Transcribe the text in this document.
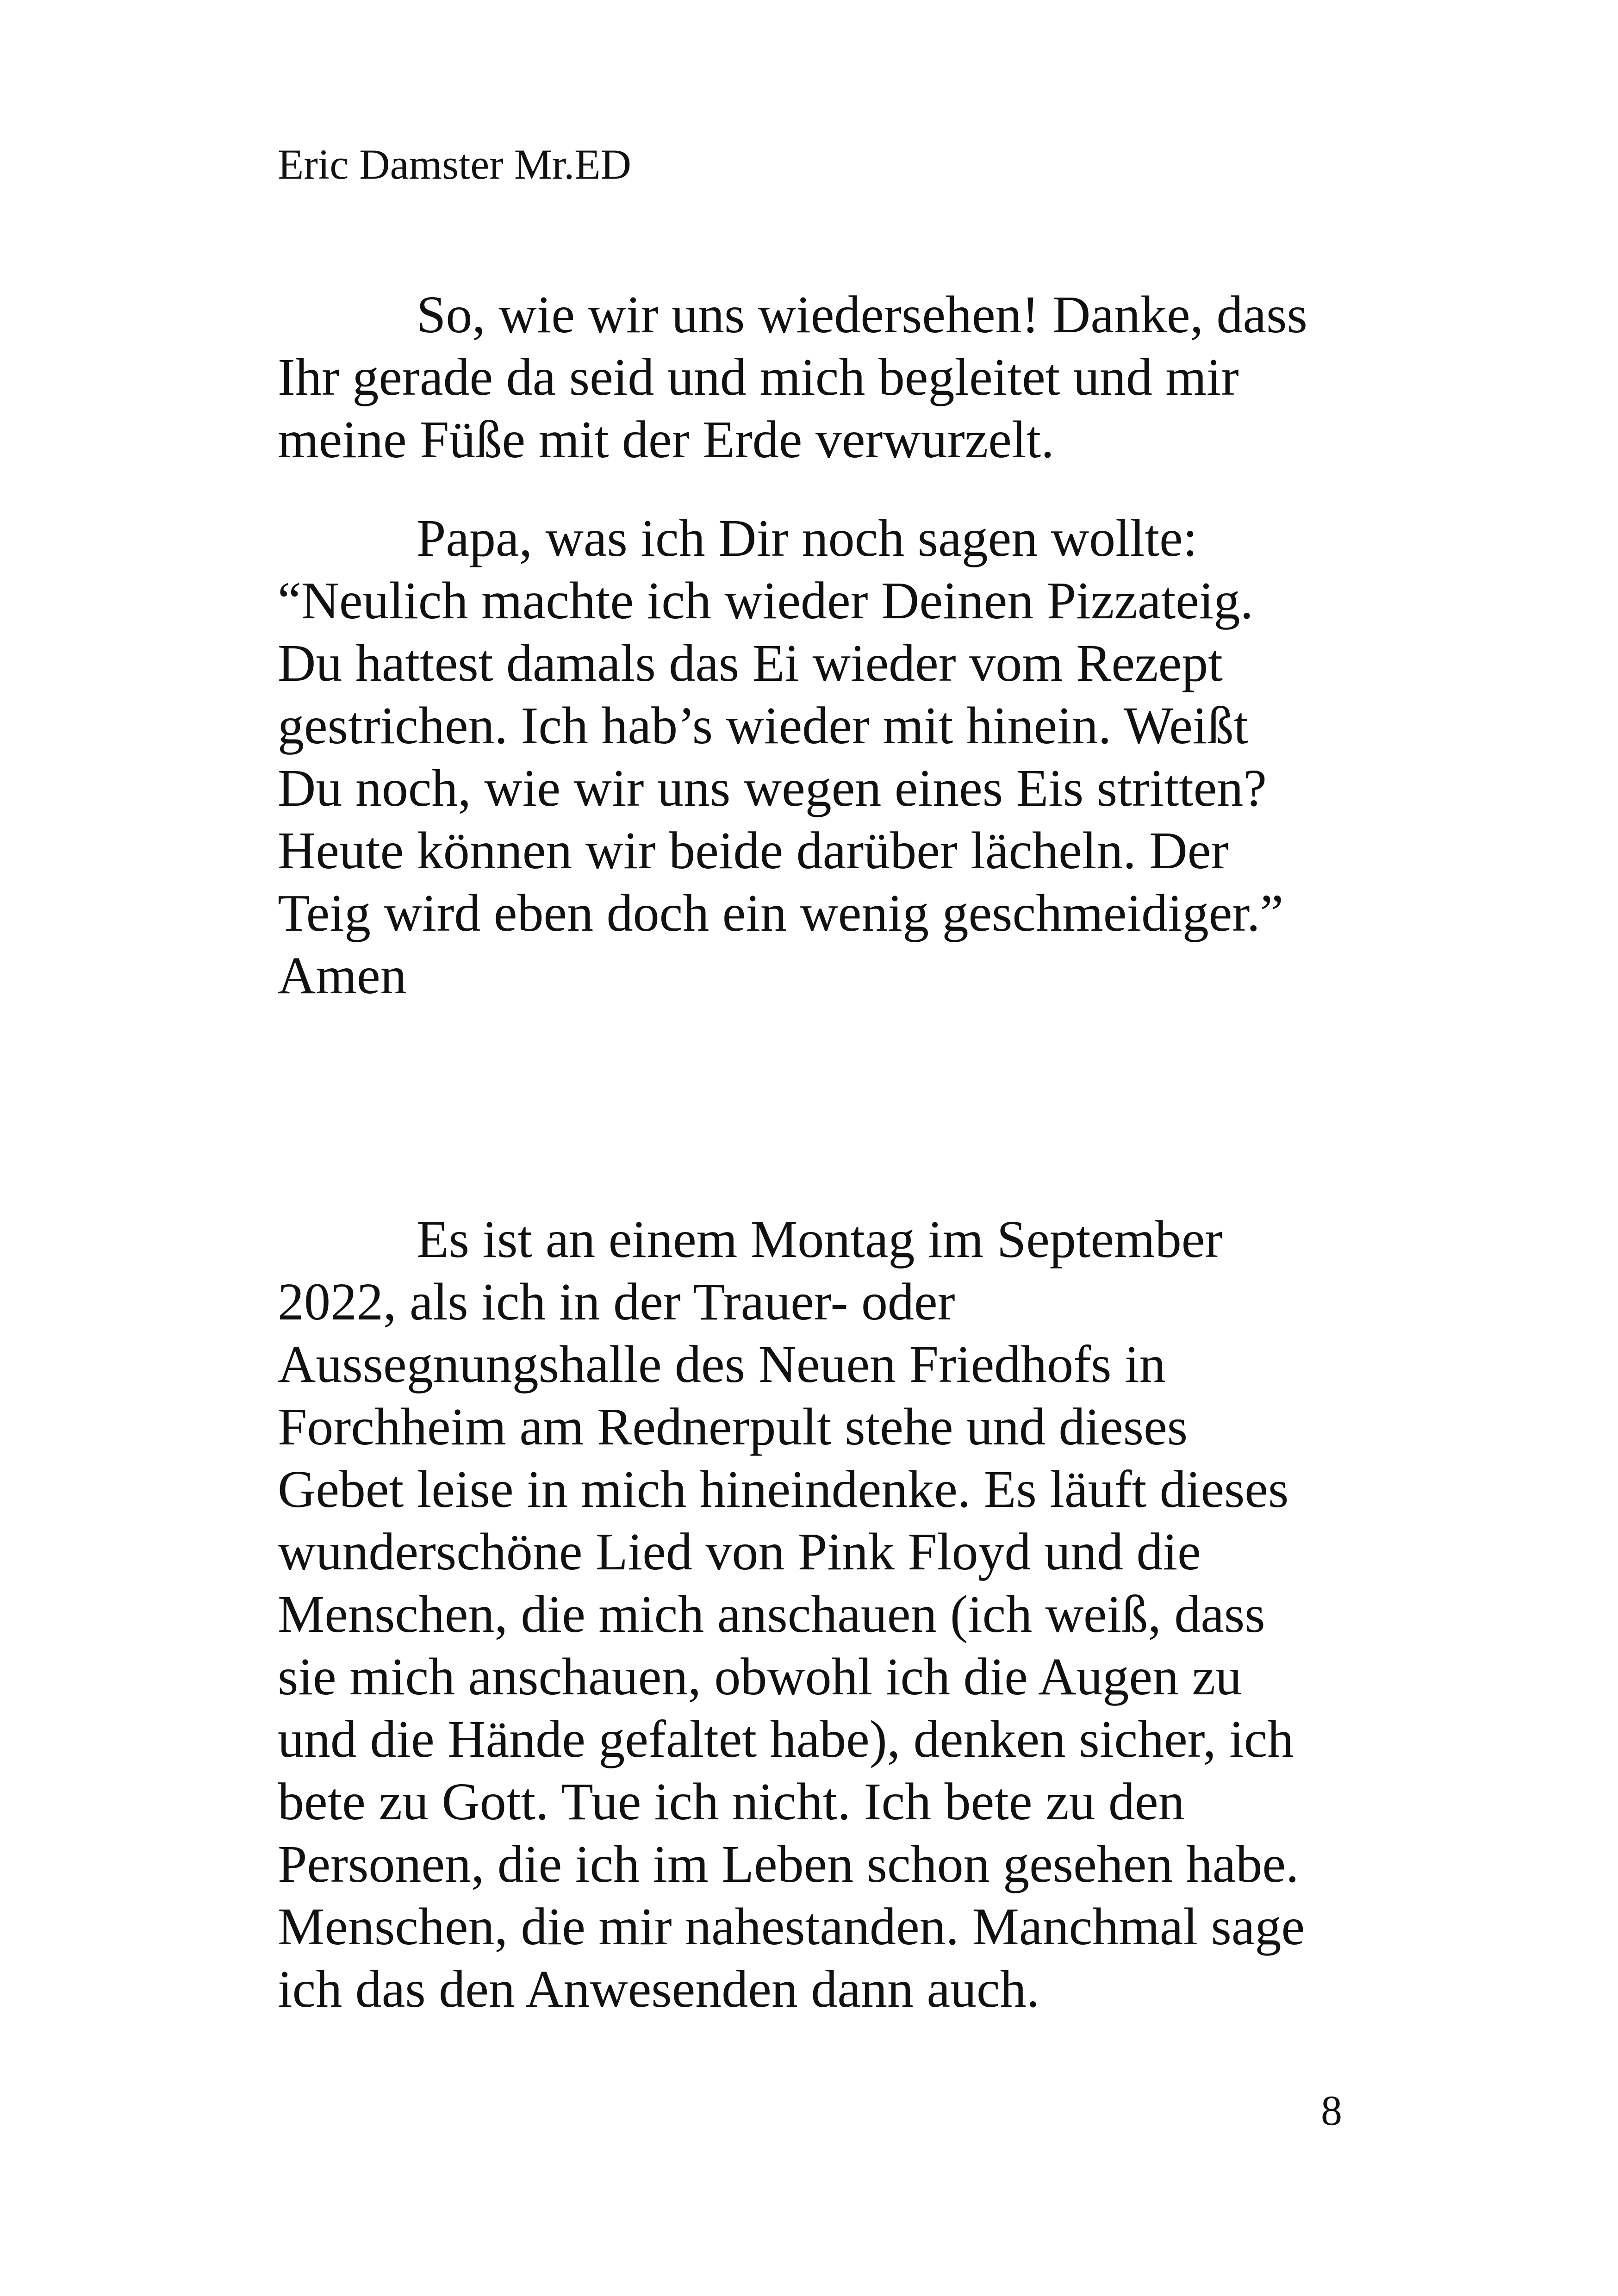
Eric Damster Mr.ED
So, wie wir uns wiedersehen! Danke, dass
Ihr gerade da seid und mich begleitet und mir
meine Füße mit der Erde verwurzelt.
Papa, was ich Dir noch sagen wollte:
“Neulich machte ich wieder Deinen Pizzateig.
Du hattest damals das Ei wieder vom Rezept
gestrichen. Ich hab’s wieder mit hinein. Weißt
Du noch, wie wir uns wegen eines Eis stritten?
Heute können wir beide darüber lächeln. Der
Teig wird eben doch ein wenig geschmeidiger.”
Amen
Es ist an einem Montag im September
2022, als ich in der Trauer- oder
Aussegnungshalle des Neuen Friedhofs in
Forchheim am Rednerpult stehe und dieses
Gebet leise in mich hineindenke. Es läuft dieses
wunderschöne Lied von Pink Floyd und die
Menschen, die mich anschauen (ich weiß, dass
sie mich anschauen, obwohl ich die Augen zu
und die Hände gefaltet habe), denken sicher, ich
bete zu Gott. Tue ich nicht. Ich bete zu den
Personen, die ich im Leben schon gesehen habe.
Menschen, die mir nahestanden. Manchmal sage
ich das den Anwesenden dann auch.
8
